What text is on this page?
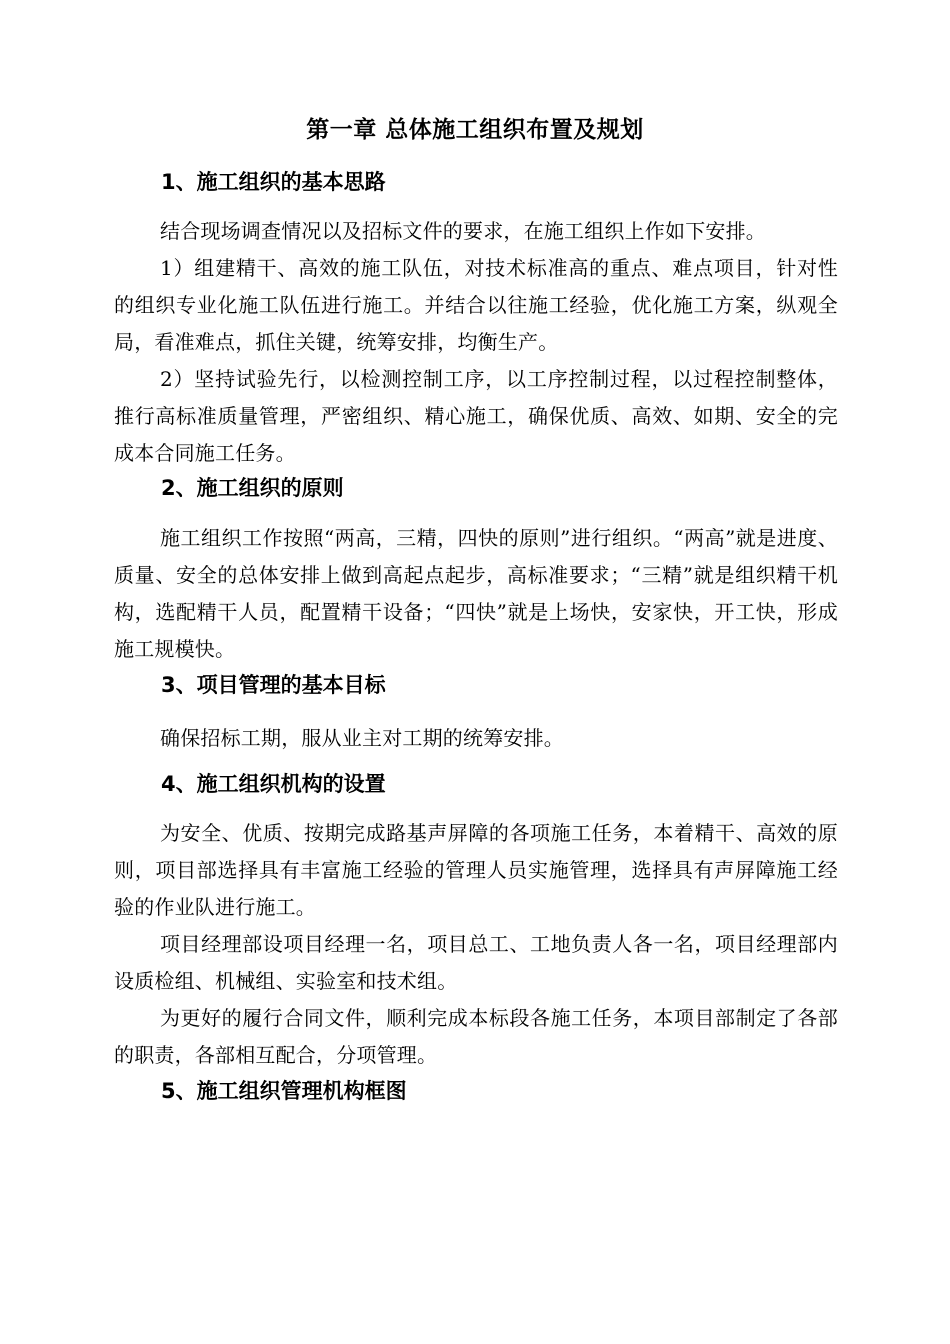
第一章 总体施工组织布置及规划
1、施工组织的基本思路

结合现场调查情况以及招标文件的要求，在施工组织上作如下安排。

1）组建精干、高效的施工队伍，对技术标准高的重点、难点项目，针对性的组织专业化施工队伍进行施工。并结合以往施工经验，优化施工方案，纵观全局，看准难点，抓住关键，统筹安排，均衡生产。

2）坚持试验先行，以检测控制工序，以工序控制过程，以过程控制整体，推行高标准质量管理，严密组织、精心施工，确保优质、高效、如期、安全的完成本合同施工任务。

2、施工组织的原则

施工组织工作按照“两高，三精，四快的原则”进行组织。“两高”就是进度、质量、安全的总体安排上做到高起点起步，高标准要求；“三精”就是组织精干机构，选配精干人员，配置精干设备；“四快”就是上场快，安家快，开工快，形成施工规模快。

3、项目管理的基本目标

确保招标工期，服从业主对工期的统筹安排。

4、施工组织机构的设置

为安全、优质、按期完成路基声屏障的各项施工任务，本着精干、高效的原则，项目部选择具有丰富施工经验的管理人员实施管理，选择具有声屏障施工经验的作业队进行施工。

项目经理部设项目经理一名，项目总工、工地负责人各一名，项目经理部内设质检组、机械组、实验室和技术组。

为更好的履行合同文件，顺利完成本标段各施工任务，本项目部制定了各部的职责，各部相互配合，分项管理。

5、施工组织管理机构框图
